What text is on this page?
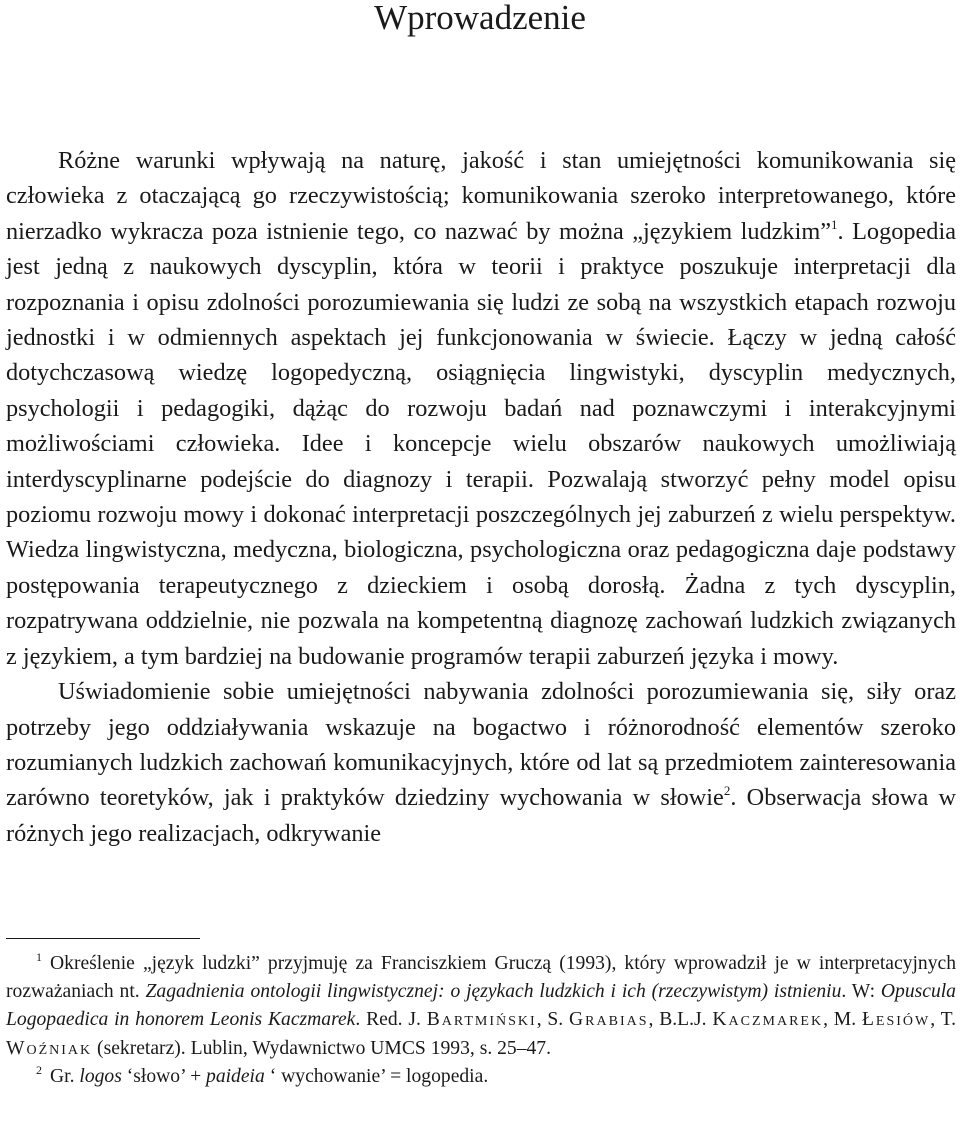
Wprowadzenie

Różne warunki wpływają na naturę, jakość i stan umiejętności komunikowania się człowieka z otaczającą go rzeczywistością; komunikowania szeroko interpretowanego, które nierzadko wykracza poza istnienie tego, co nazwać by można „językiem ludzkim”$^1$. Logopedia jest jedną z naukowych dyscyplin, która w teorii i praktyce poszukuje interpretacji dla rozpoznania i opisu zdolności porozumiewania się ludzi ze sobą na wszystkich etapach rozwoju jednostki i w odmiennych aspektach jej funkcjonowania w świecie. Łączy w jedną całość dotychczasową wiedzę logopedyczną, osiągnięcia lingwistyki, dyscyplin medycznych, psychologii i pedagogiki, dążąc do rozwoju badań nad poznawczymi i interakcyjnymi możliwościami człowieka. Idee i koncepcje wielu obszarów naukowych umożliwiają interdyscyplinarne podejście do diagnozy i terapii. Pozwalają stworzyć pełny model opisu poziomu rozwoju mowy i dokonać interpretacji poszczególnych jej zaburzeń z wielu perspektyw. Wiedza lingwistyczna, medyczna, biologiczna, psychologiczna oraz pedagogiczna daje podstawy postępowania terapeutycznego z dzieckiem i osobą dorosłą. Żadna z tych dyscyplin, rozpatrywana oddzielnie, nie pozwala na kompetentną diagnozę zachowań ludzkich związanych z językiem, a tym bardziej na budowanie programów terapii zaburzeń języka i mowy.

Uświadomienie sobie umiejętności nabywania zdolności porozumiewania się, siły oraz potrzeby jego oddziaływania wskazuje na bogactwo i różnorodność elementów szeroko rozumianych ludzkich zachowań komunikacyjnych, które od lat są przedmiotem zainteresowania zarówno teoretyków, jak i praktyków dziedziny wychowania w słowie$^2$. Obserwacja słowa w różnych jego realizacjach, odkrywanie

$^1$ Określenie „język ludzki” przyjmuję za Franciszkiem Gruczą (1993), który wprowadził je w interpretacyjnych rozważaniach nt. Zagadnienia ontologii lingwistycznej: o językach ludzkich i ich (rzeczywistym) istnieniu. W: Opuscula Logopaedica in honorem Leonis Kaczmarek. Red. J. Bartmiński, S. Grabias, B.L.J. Kaczmarek, M. Łesiów, T. Woźniak (sekretarz). Lublin, Wydawnictwo UMCS 1993, s. 25–47.

$^2$ Gr. logos ‘słowo’ + paideia ‘ wychowanie’ = logopedia.
